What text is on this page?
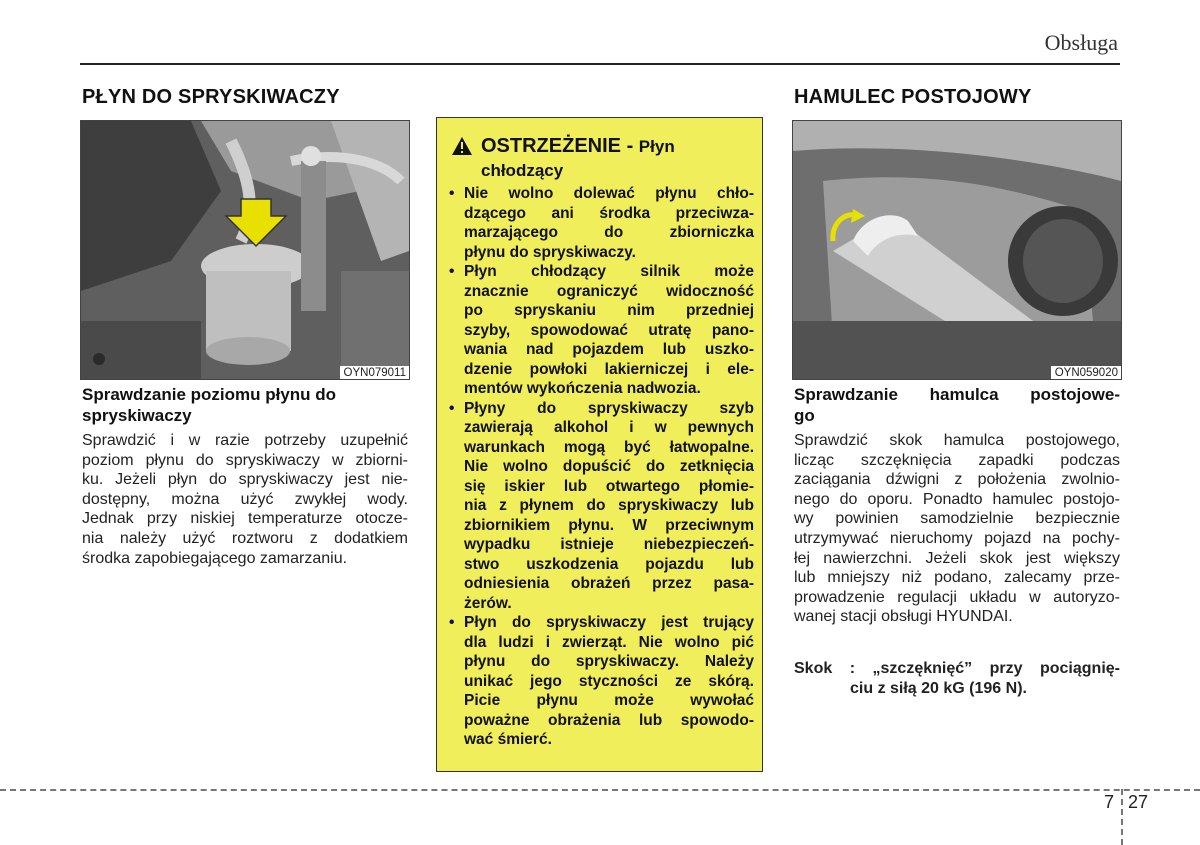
Obsługa
PŁYN DO SPRYSKIWACZY
OYN079011
Sprawdzanie poziomu płynu do
spryskiwaczy
Sprawdzić i w razie potrzeby uzupełnić
poziom płynu do spryskiwaczy w zbiorni-
ku. Jeżeli płyn do spryskiwaczy jest nie-
dostępny, można użyć zwykłej wody.
Jednak przy niskiej temperaturze otocze-
nia należy użyć roztworu z dodatkiem
środka zapobiegającego zamarzaniu.
OSTRZEŻENIE - Płyn
chłodzący
• Nie wolno dolewać płynu chło-
dzącego ani środka przeciwza-
marzającego do zbiorniczka
płynu do spryskiwaczy.
• Płyn chłodzący silnik może
znacznie ograniczyć widoczność
po spryskaniu nim przedniej
szyby, spowodować utratę pano-
wania nad pojazdem lub uszko-
dzenie powłoki lakierniczej i ele-
mentów wykończenia nadwozia.
• Płyny do spryskiwaczy szyb
zawierają alkohol i w pewnych
warunkach mogą być łatwopalne.
Nie wolno dopuścić do zetknięcia
się iskier lub otwartego płomie-
nia z płynem do spryskiwaczy lub
zbiornikiem płynu. W przeciwnym
wypadku istnieje niebezpieczeń-
stwo uszkodzenia pojazdu lub
odniesienia obrażeń przez pasa-
żerów.
• Płyn do spryskiwaczy jest trujący
dla ludzi i zwierząt. Nie wolno pić
płynu do spryskiwaczy. Należy
unikać jego styczności ze skórą.
Picie płynu może wywołać
poważne obrażenia lub spowodo-
wać śmierć.
HAMULEC POSTOJOWY
OYN059020
Sprawdzanie hamulca postojowe-
go
Sprawdzić skok hamulca postojowego,
licząc szczęknięcia zapadki podczas
zaciągania dźwigni z położenia zwolnio-
nego do oporu. Ponadto hamulec postojo-
wy powinien samodzielnie bezpiecznie
utrzymywać nieruchomy pojazd na pochy-
łej nawierzchni. Jeżeli skok jest większy
lub mniejszy niż podano, zalecamy prze-
prowadzenie regulacji układu w autoryzo-
wanej stacji obsługi HYUNDAI.
Skok : „szczęknięć” przy pociągnię-
ciu z siłą 20 kG (196 N).
7 27
